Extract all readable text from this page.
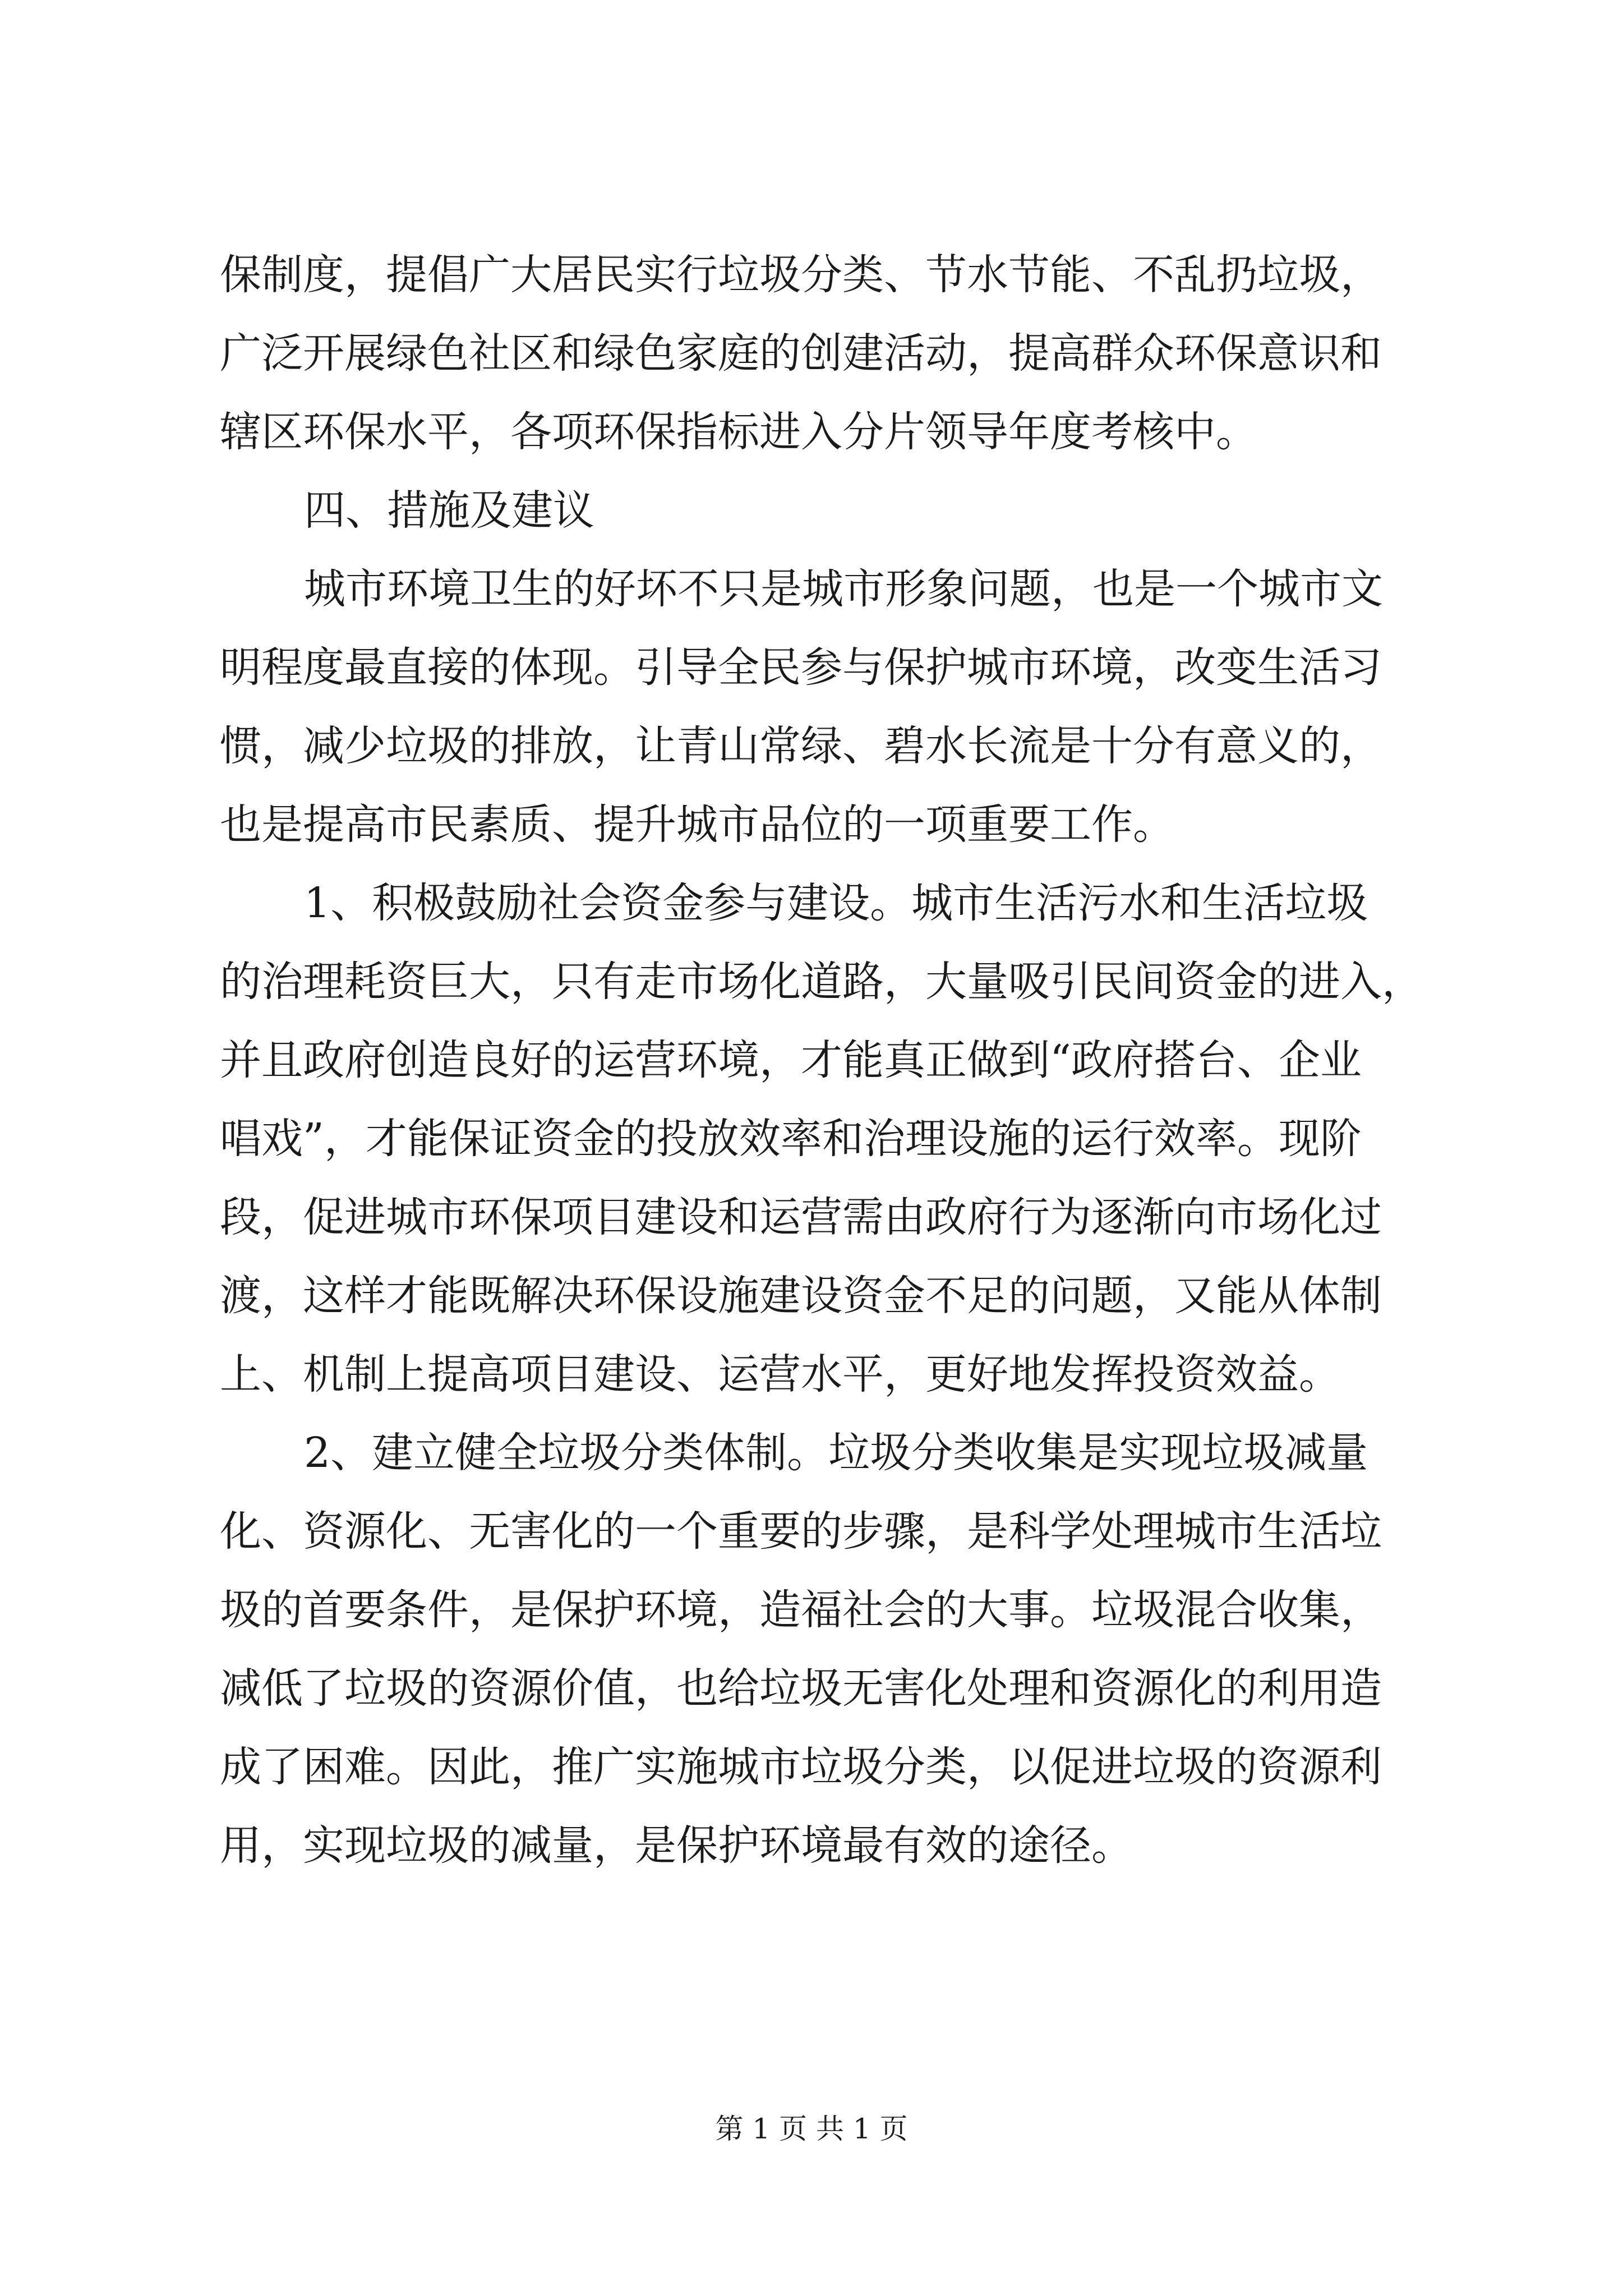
保制度，提倡广大居民实行垃圾分类、节水节能、不乱扔垃圾，
广泛开展绿色社区和绿色家庭的创建活动，提高群众环保意识和
辖区环保水平，各项环保指标进入分片领导年度考核中。
四、措施及建议
城市环境卫生的好坏不只是城市形象问题，也是一个城市文
明程度最直接的体现。引导全民参与保护城市环境，改变生活习
惯，减少垃圾的排放，让青山常绿、碧水长流是十分有意义的，
也是提高市民素质、提升城市品位的一项重要工作。
1、积极鼓励社会资金参与建设。城市生活污水和生活垃圾
的治理耗资巨大，只有走市场化道路，大量吸引民间资金的进入，
并且政府创造良好的运营环境，才能真正做到“政府搭台、企业
唱戏”，才能保证资金的投放效率和治理设施的运行效率。现阶
段，促进城市环保项目建设和运营需由政府行为逐渐向市场化过
渡，这样才能既解决环保设施建设资金不足的问题，又能从体制
上、机制上提高项目建设、运营水平，更好地发挥投资效益。
2、建立健全垃圾分类体制。垃圾分类收集是实现垃圾减量
化、资源化、无害化的一个重要的步骤，是科学处理城市生活垃
圾的首要条件，是保护环境，造福社会的大事。垃圾混合收集，
减低了垃圾的资源价值，也给垃圾无害化处理和资源化的利用造
成了困难。因此，推广实施城市垃圾分类，以促进垃圾的资源利
用，实现垃圾的减量，是保护环境最有效的途径。
第 1 页 共 1 页
